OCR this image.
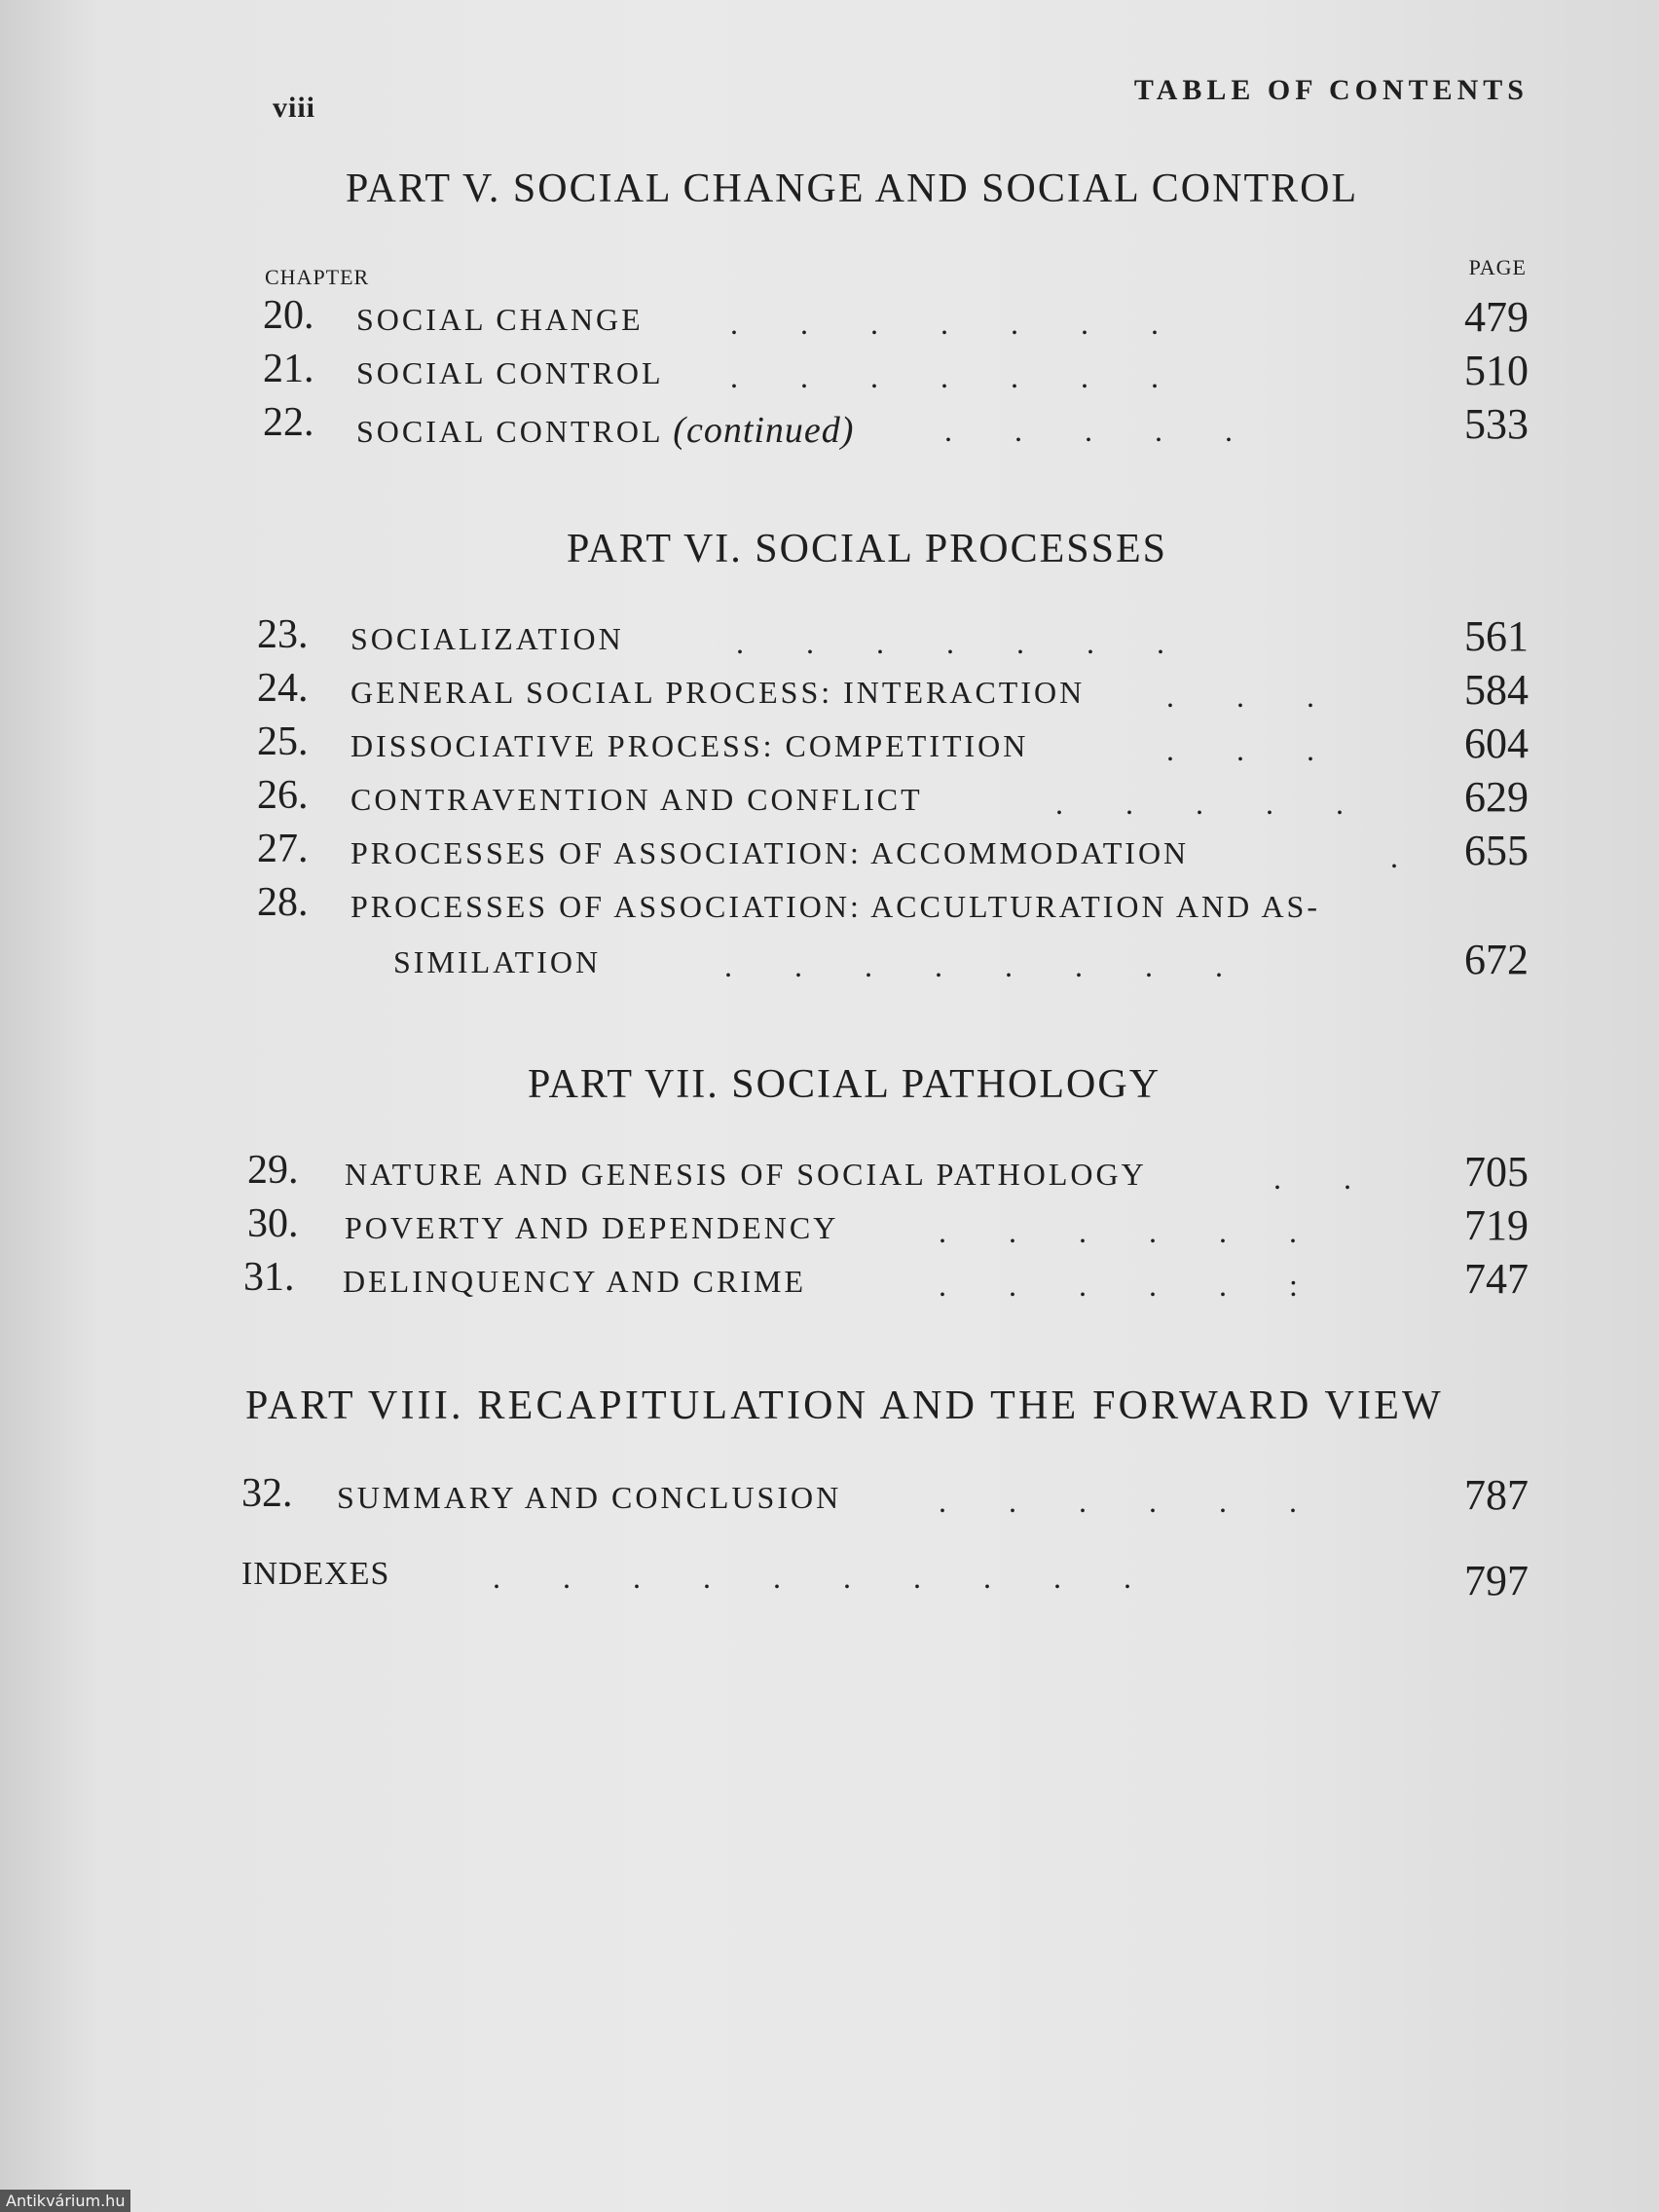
viii
TABLE OF CONTENTS
PART V. SOCIAL CHANGE AND SOCIAL CONTROL
CHAPTER	PAGE
20. SOCIAL CHANGE	.        .        .        .        .        .        .	479
21. SOCIAL CONTROL .        .        .        .        .        .        .	510
22. SOCIAL CONTROL (continued)	.        .        .        .        .	533
PART VI. SOCIAL PROCESSES
23. SOCIALIZATION	.        .        .        .        .        .        .	561
24. GENERAL SOCIAL PROCESS: INTERACTION	.        .        .	584
25. DISSOCIATIVE PROCESS: COMPETITION	.        .        .	604
26. CONTRAVENTION AND CONFLICT	.        .        .        .        .	629
27. PROCESSES OF ASSOCIATION: ACCOMMODATION	. 655
28. PROCESSES OF ASSOCIATION: ACCULTURATION AND AS-
SIMILATION	.        .        .        .        .        .        .        .	672
PART VII. SOCIAL PATHOLOGY
29. NATURE AND GENESIS OF SOCIAL PATHOLOGY	.        .	705
30. POVERTY AND DEPENDENCY	.        .        .        .        .        .	719
31. DELINQUENCY AND CRIME	.        .        .        .        .        :	747
PART VIII. RECAPITULATION AND THE FORWARD VIEW
32. SUMMARY AND CONCLUSION	.        .        .        .        .        .	787
INDEXES	.        .        .        .        .        .        .        .        .        .	797
Antikvárium.hu
